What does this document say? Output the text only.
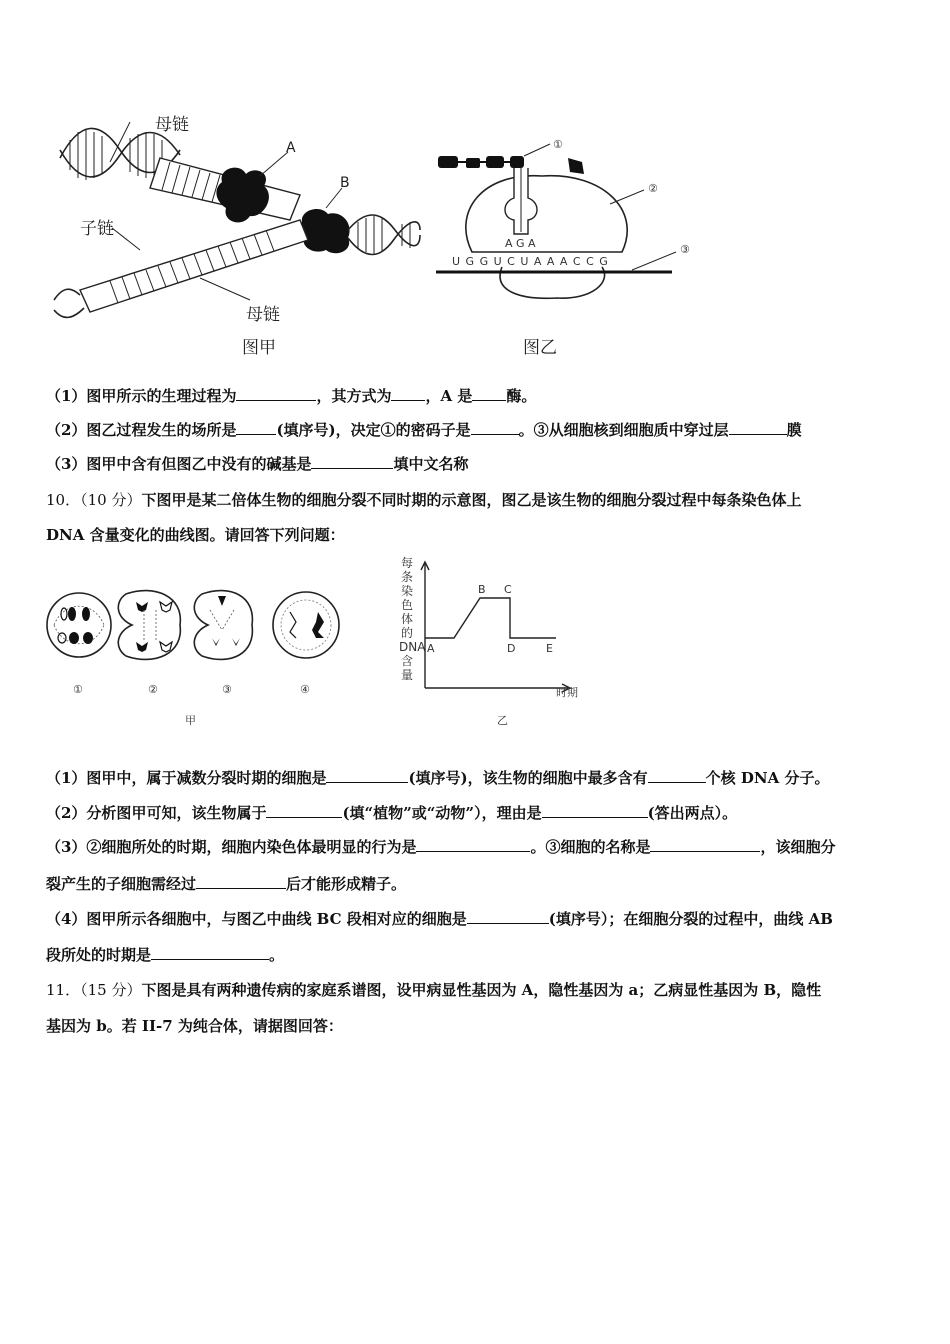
母链
A
B
子链
母链
图甲
①
②
③
A G A
U G G U C U A A A C C G
图乙
（1）图甲所示的生理过程为	，其方式为 ，A 是 酶。
（2）图乙过程发生的场所是	(填序号)，决定①的密码子是	。③从细胞核到细胞质中穿过层	膜
（3）图甲中含有但图乙中没有的碱基是	填中文名称
10．（10 分）下图甲是某二倍体生物的细胞分裂不同时期的示意图，图乙是该生物的细胞分裂过程中每条染色体上
DNA 含量变化的曲线图。请回答下列问题：
①	②	③	④
甲
每条染色体的DNA含量
A
B C
D	E
时期
乙
（1）图甲中，属于减数分裂时期的细胞是	(填序号)，该生物的细胞中最多含有	个核 DNA 分子。
（2）分析图甲可知，该生物属于	(填“植物”或“动物”），理由是	(答出两点）。
（3）②细胞所处的时期，细胞内染色体最明显的行为是	。③细胞的名称是	，该细胞分
裂产生的子细胞需经过	后才能形成精子。
（4）图甲所示各细胞中，与图乙中曲线 BC 段相对应的细胞是	(填序号）；在细胞分裂的过程中，曲线 AB
段所处的时期是	。
11．（15 分）下图是具有两种遗传病的家庭系谱图，设甲病显性基因为 A，隐性基因为 a；乙病显性基因为 B，隐性
基因为 b。若 II-7 为纯合体，请据图回答：
